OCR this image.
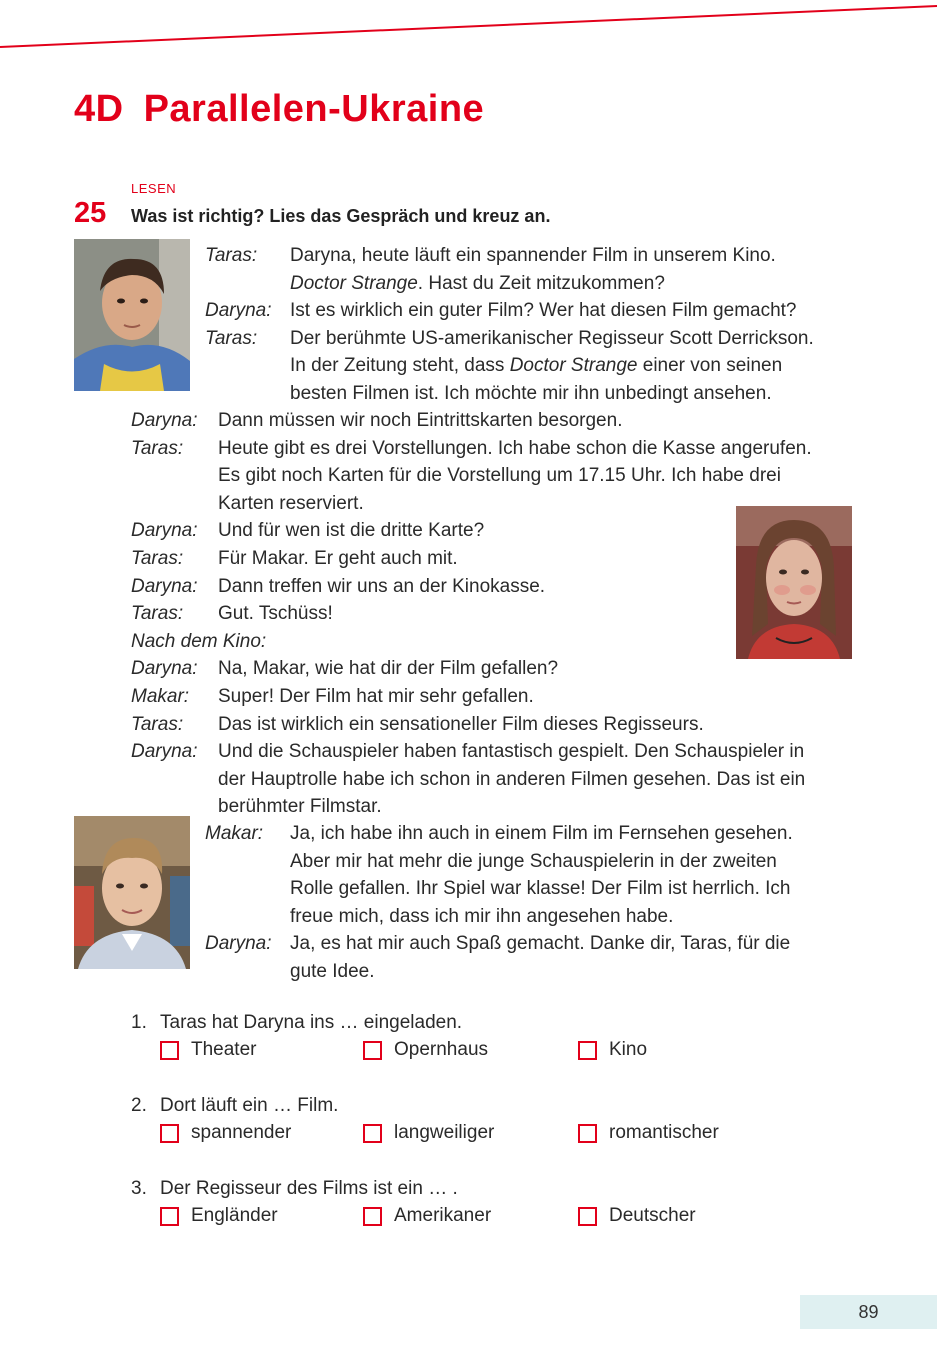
4D Parallelen-Ukraine
LESEN
25 Was ist richtig? Lies das Gespräch und kreuz an.
Taras:	Daryna, heute läuft ein spannender Film in unserem Kino.
Doctor Strange. Hast du Zeit mitzukommen?
Daryna: Ist es wirklich ein guter Film? Wer hat diesen Film gemacht?
Taras:	Der berühmte US-amerikanischer Regisseur Scott Derrickson.
In der Zeitung steht, dass Doctor Strange einer von seinen
besten Filmen ist. Ich möchte mir ihn unbedingt ansehen.
Daryna:	Dann müssen wir noch Eintrittskarten besorgen.
Taras:	Heute gibt es drei Vorstellungen. Ich habe schon die Kasse angerufen.
Es gibt noch Karten für die Vorstellung um 17.15 Uhr. Ich habe drei
Karten reserviert.
Daryna:	Und für wen ist die dritte Karte?
Taras:	Für Makar. Er geht auch mit.
Daryna:	Dann treffen wir uns an der Kinokasse.
Taras:	Gut. Tschüss!
Nach dem Kino:
Daryna:	Na, Makar, wie hat dir der Film gefallen?
Makar:	Super! Der Film hat mir sehr gefallen.
Taras:	Das ist wirklich ein sensationeller Film dieses Regisseurs.
Daryna:	Und die Schauspieler haben fantastisch gespielt. Den Schauspieler in
der Hauptrolle habe ich schon in anderen Filmen gesehen. Das ist ein
berühmter Filmstar.
Makar:	Ja, ich habe ihn auch in einem Film im Fernsehen gesehen.
Aber mir hat mehr die junge Schauspielerin in der zweiten
Rolle gefallen. Ihr Spiel war klasse! Der Film ist herrlich. Ich
freue mich, dass ich mir ihn angesehen habe.
Daryna: Ja, es hat mir auch Spaß gemacht. Danke dir, Taras, für die
gute Idee.
1. Taras hat Daryna ins … eingeladen.
Theater	Opernhaus	Kino
2. Dort läuft ein … Film.
spannender	langweiliger	romantischer
3. Der Regisseur des Films ist ein … .
Engländer	Amerikaner	Deutscher
89
